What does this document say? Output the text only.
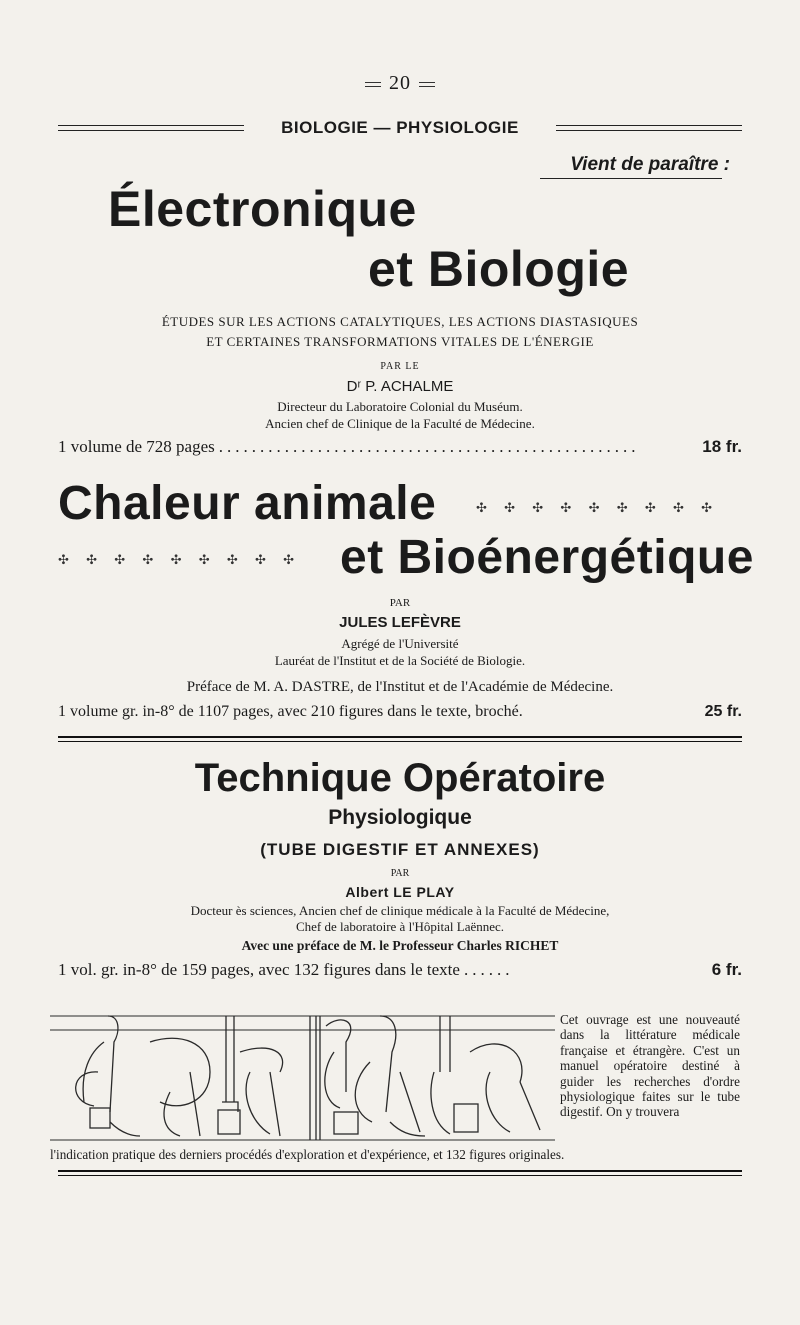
20
BIOLOGIE — PHYSIOLOGIE
Vient de paraître :
Électronique
et Biologie
ÉTUDES SUR LES ACTIONS CATALYTIQUES, LES ACTIONS DIASTASIQUES
ET CERTAINES TRANSFORMATIONS VITALES DE L'ÉNERGIE
PAR LE
Dʳ P. ACHALME
Directeur du Laboratoire Colonial du Muséum.
Ancien chef de Clinique de la Faculté de Médecine.
1 volume de 728 pages ...................................................	18 fr.
Chaleur animale	✣ ✣ ✣ ✣ ✣ ✣ ✣ ✣ ✣
✣ ✣ ✣ ✣ ✣ ✣ ✣ ✣ ✣ et Bioénergétique
PAR
JULES LEFÈVRE
Agrégé de l'Université
Lauréat de l'Institut et de la Société de Biologie.
Préface de M. A. DASTRE, de l'Institut et de l'Académie de Médecine.
1 volume gr. in-8° de 1107 pages, avec 210 figures dans le texte, broché.	25 fr.
Technique Opératoire
Physiologique
(TUBE DIGESTIF ET ANNEXES)
PAR
Albert LE PLAY
Docteur ès sciences, Ancien chef de clinique médicale à la Faculté de Médecine,
Chef de laboratoire à l'Hôpital Laënnec.
Avec une préface de M. le Professeur Charles RICHET
1 vol. gr. in-8° de 159 pages, avec 132 figures dans le texte ......	6 fr.
Cet ouvrage est une nouveauté dans la littérature médicale française et étrangère. C'est un manuel opératoire destiné à guider les recherches d'ordre physiologique faites sur le tube digestif. On y trouvera
l'indication pratique des derniers procédés d'exploration et d'expérience, et 132 figures originales.
